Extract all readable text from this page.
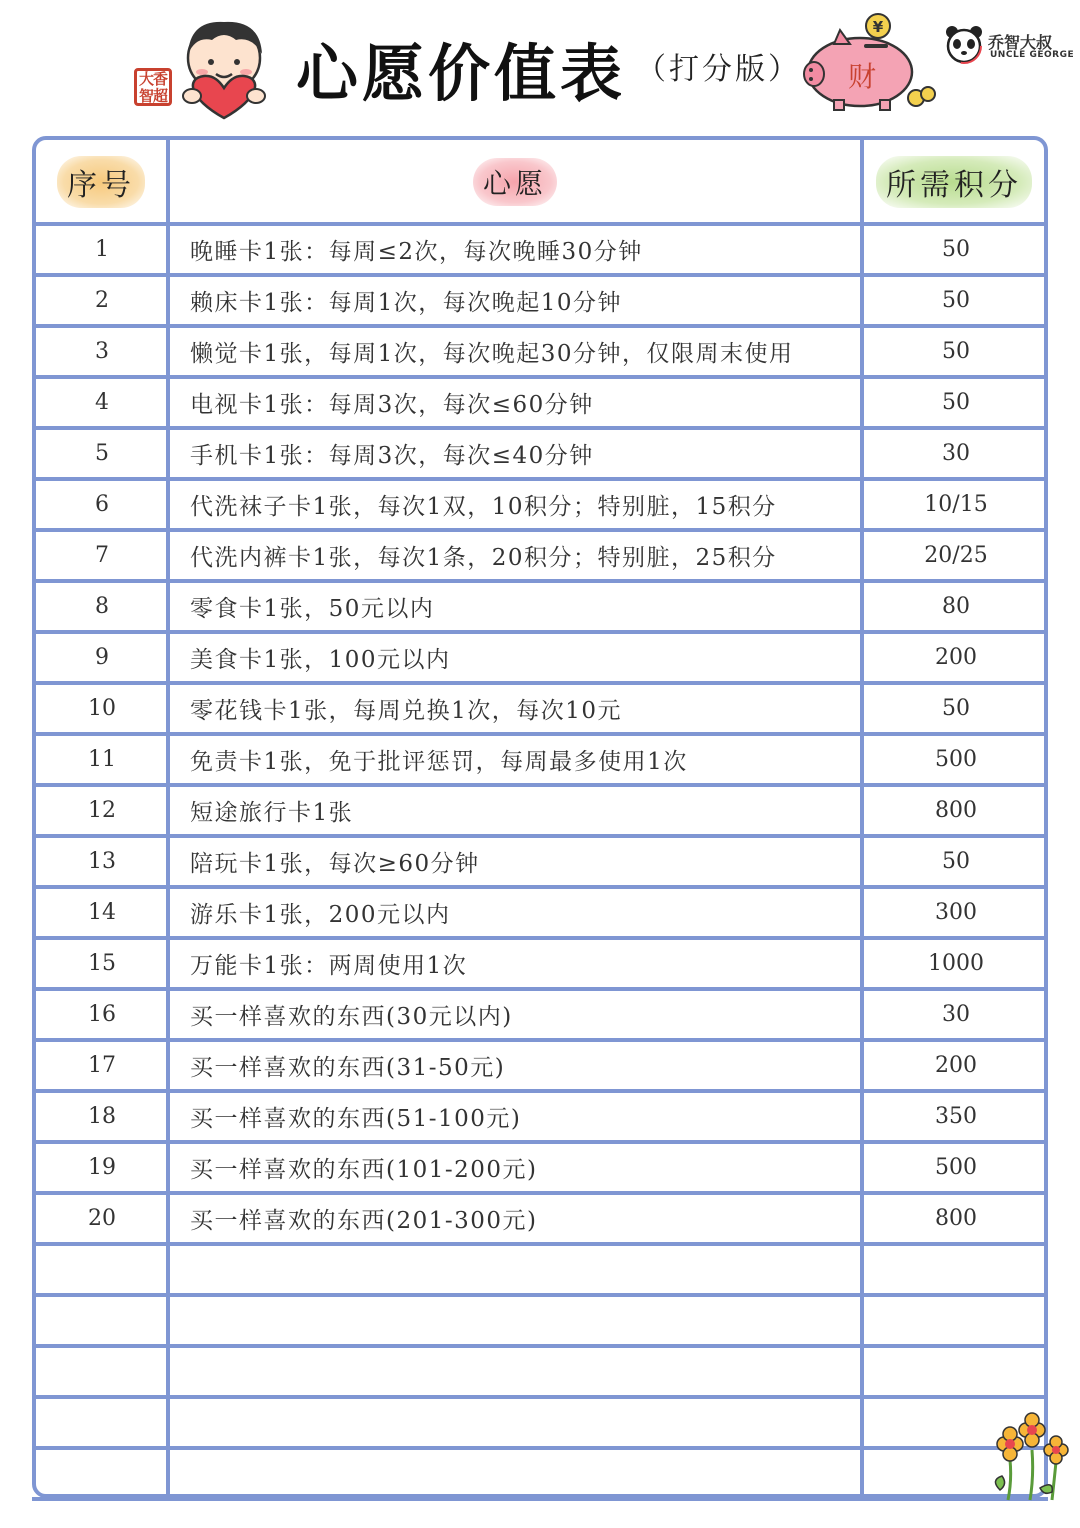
大香智超 心愿价值表 （打分版）
¥
财
乔智大叔
UNCLE GEORGE
序号	心愿	所需积分
1	晚睡卡1张：每周≤2次，每次晚睡30分钟	50
2	赖床卡1张：每周1次，每次晚起10分钟	50
3	懒觉卡1张，每周1次，每次晚起30分钟，仅限周末使用	50
4	电视卡1张：每周3次，每次≤60分钟	50
5	手机卡1张：每周3次，每次≤40分钟	30
6	代洗袜子卡1张，每次1双，10积分；特别脏，15积分	10/15
7	代洗内裤卡1张，每次1条，20积分；特别脏，25积分	20/25
8	零食卡1张，50元以内	80
9	美食卡1张，100元以内	200
10	零花钱卡1张，每周兑换1次，每次10元	50
11	免责卡1张，免于批评惩罚，每周最多使用1次	500
12	短途旅行卡1张	800
13	陪玩卡1张，每次≥60分钟	50
14	游乐卡1张，200元以内	300
15	万能卡1张：两周使用1次	1000
16	买一样喜欢的东西(30元以内)	30
17	买一样喜欢的东西(31-50元)	200
18	买一样喜欢的东西(51-100元)	350
19	买一样喜欢的东西(101-200元)	500
20	买一样喜欢的东西(201-300元)	800
